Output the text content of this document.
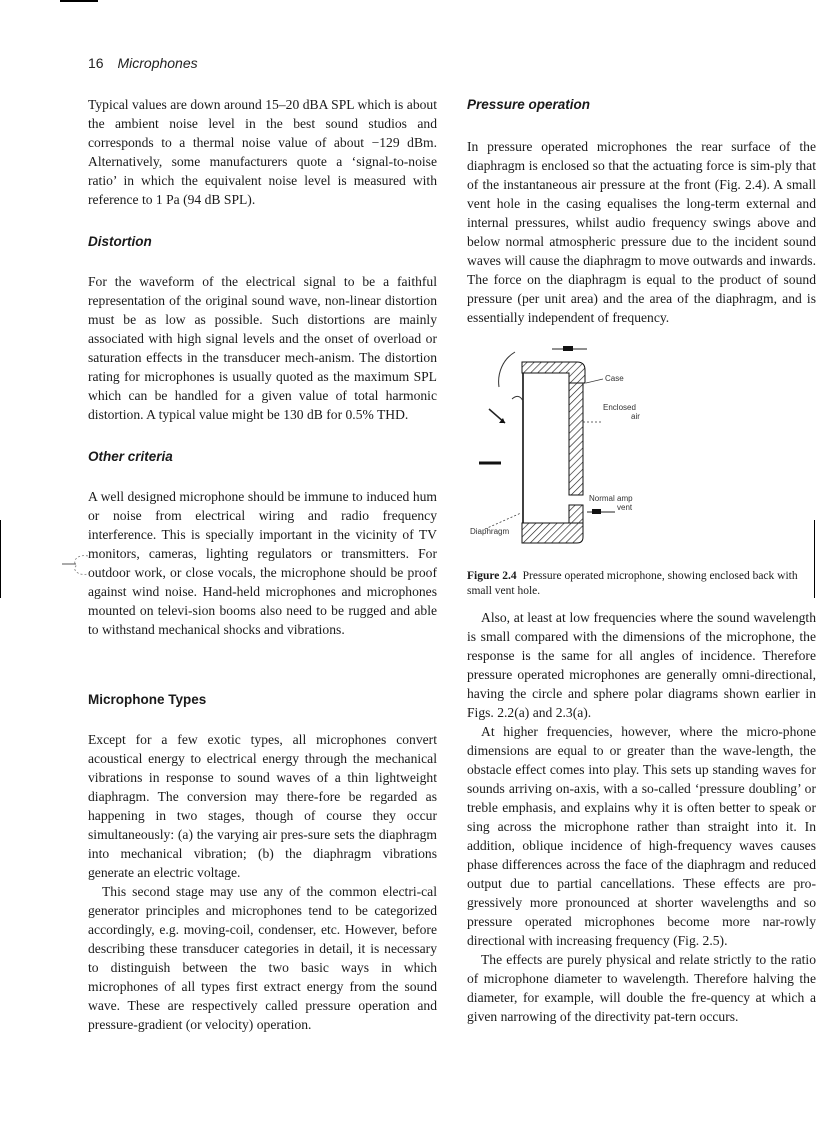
16 Microphones

Typical values are down around 15–20 dBA SPL which is about the ambient noise level in the best sound studios and corresponds to a thermal noise value of about −129 dBm. Alternatively, some manufacturers quote a ‘signal-to-noise ratio’ in which the equivalent noise level is measured with reference to 1 Pa (94 dB SPL).

Distortion

For the waveform of the electrical signal to be a faithful representation of the original sound wave, non-linear distortion must be as low as possible. Such distortions are mainly associated with high signal levels and the onset of overload or saturation effects in the transducer mech-anism. The distortion rating for microphones is usually quoted as the maximum SPL which can be handled for a given value of total harmonic distortion. A typical value might be 130 dB for 0.5% THD.

Other criteria

A well designed microphone should be immune to induced hum or noise from electrical wiring and radio frequency interference. This is specially important in the vicinity of TV monitors, cameras, lighting regulators or transmitters. For outdoor work, or close vocals, the microphone should be proof against wind noise. Hand-held microphones and microphones mounted on televi-sion booms also need to be rugged and able to withstand mechanical shocks and vibrations.

Microphone Types

Except for a few exotic types, all microphones convert acoustical energy to electrical energy through the mechanical vibrations in response to sound waves of a thin lightweight diaphragm. The conversion may there-fore be regarded as happening in two stages, though of course they occur simultaneously: (a) the varying air pres-sure sets the diaphragm into mechanical vibration; (b) the diaphragm vibrations generate an electric voltage.

This second stage may use any of the common electri-cal generator principles and microphones tend to be categorized accordingly, e.g. moving-coil, condenser, etc. However, before describing these transducer categories in detail, it is necessary to distinguish between the two basic ways in which microphones of all types first extract energy from the sound wave. These are respectively called pressure operation and pressure-gradient (or velocity) operation.

Pressure operation

In pressure operated microphones the rear surface of the diaphragm is enclosed so that the actuating force is sim-ply that of the instantaneous air pressure at the front (Fig. 2.4). A small vent hole in the casing equalises the long-term external and internal pressures, whilst audio frequency swings above and below normal atmospheric pressure due to the incident sound waves will cause the diaphragm to move outwards and inwards. The force on the diaphragm is equal to the product of sound pressure (per unit area) and the area of the diaphragm, and is essentially independent of frequency.

Case
Enclosed
air
Normal amp
vent
Diaphragm

Figure 2.4 Pressure operated microphone, showing enclosed back with small vent hole.

Also, at least at low frequencies where the sound wavelength is small compared with the dimensions of the microphone, the response is the same for all angles of incidence. Therefore pressure operated microphones are generally omni-directional, having the circle and sphere polar diagrams shown earlier in Figs. 2.2(a) and 2.3(a).

At higher frequencies, however, where the micro-phone dimensions are equal to or greater than the wave-length, the obstacle effect comes into play. This sets up standing waves for sounds arriving on-axis, with a so-called ‘pressure doubling’ or treble emphasis, and explains why it is often better to speak or sing across the microphone rather than straight into it. In addition, oblique incidence of high-frequency waves causes phase differences across the face of the diaphragm and reduced output due to partial cancellations. These effects are pro-gressively more pronounced at shorter wavelengths and so pressure operated microphones become more nar-rowly directional with increasing frequency (Fig. 2.5).

The effects are purely physical and relate strictly to the ratio of microphone diameter to wavelength. Therefore halving the diameter, for example, will double the fre-quency at which a given narrowing of the directivity pat-tern occurs.
